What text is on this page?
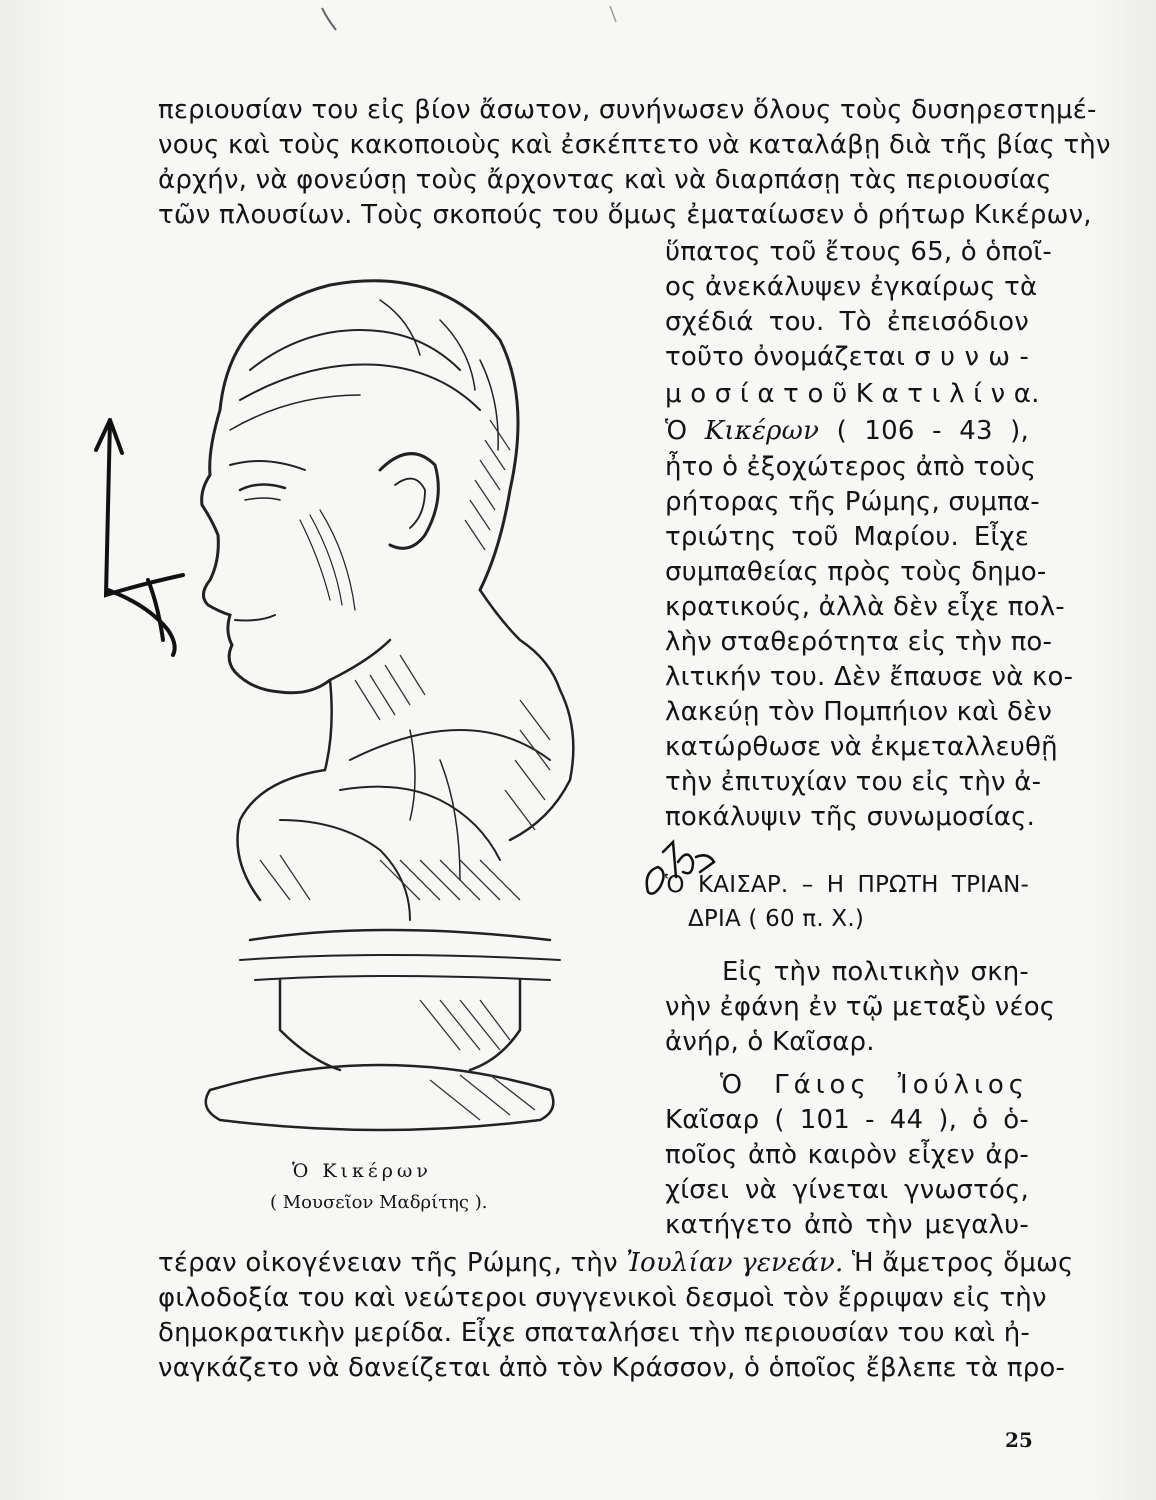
περιουσίαν του εἰς βίον ἄσωτον, συνήνωσεν ὅλους τοὺς δυσηρεστημέ-
νους καὶ τοὺς κακοποιοὺς καὶ ἐσκέπτετο νὰ καταλάβῃ διὰ τῆς βίας τὴν
ἀρχήν, νὰ φονεύσῃ τοὺς ἄρχοντας καὶ νὰ διαρπάσῃ τὰς περιουσίας
τῶν πλουσίων. Τοὺς σκοπούς του ὅμως ἐματαίωσεν ὁ ρήτωρ Κικέρων,
ὕπατος τοῦ ἔτους 65, ὁ ὁποῖ-
ος ἀνεκάλυψεν ἐγκαίρως τὰ
σχέδιά του. Τὸ ἐπεισόδιον
τοῦτο ὀνομάζεται σ υ ν ω -
μ ο σ ί α τ ο ῦ Κ α τ ι λ ί ν α.
Ὁ Κικέρων ( 106 - 43 ),
ἦτο ὁ ἐξοχώτερος ἀπὸ τοὺς
ρήτορας τῆς Ρώμης, συμπα-
τριώτης τοῦ Μαρίου. Εἶχε
συμπαθείας πρὸς τοὺς δημο-
κρατικούς, ἀλλὰ δὲν εἶχε πολ-
λὴν σταθερότητα εἰς τὴν πο-
λιτικήν του. Δὲν ἔπαυσε νὰ κο-
λακεύῃ τὸν Πομπήιον καὶ δὲν
κατώρθωσε νὰ ἐκμεταλλευθῇ
τὴν ἐπιτυχίαν του εἰς τὴν ἀ-
ποκάλυψιν τῆς συνωμοσίας.
Ὁ ΚΑΙΣΑΡ. – Η ΠΡΩΤΗ ΤΡΙΑΝ-
ΔΡΙΑ ( 60 π. Χ.)
Εἰς τὴν πολιτικὴν σκη-
νὴν ἐφάνη ἐν τῷ μεταξὺ νέος
ἀνήρ, ὁ Καῖσαρ.
Ὁ Γάιος Ἰούλιος
Καῖσαρ ( 101 - 44 ), ὁ ὁ-
ποῖος ἀπὸ καιρὸν εἶχεν ἀρ-
χίσει νὰ γίνεται γνωστός,
κατήγετο ἀπὸ τὴν μεγαλυ-
τέραν οἰκογένειαν τῆς Ρώμης, τὴν Ἰουλίαν γενεάν. Ἡ ἄμετρος ὅμως
φιλοδοξία του καὶ νεώτεροι συγγενικοὶ δεσμοὶ τὸν ἔρριψαν εἰς τὴν
δημοκρατικὴν μερίδα. Εἶχε σπαταλήσει τὴν περιουσίαν του καὶ ἠ-
ναγκάζετο νὰ δανείζεται ἀπὸ τὸν Κράσσον, ὁ ὁποῖος ἔβλεπε τὰ προ-
Ὁ Κικέρων
( Μουσεῖον Μαδρίτης ).
25
